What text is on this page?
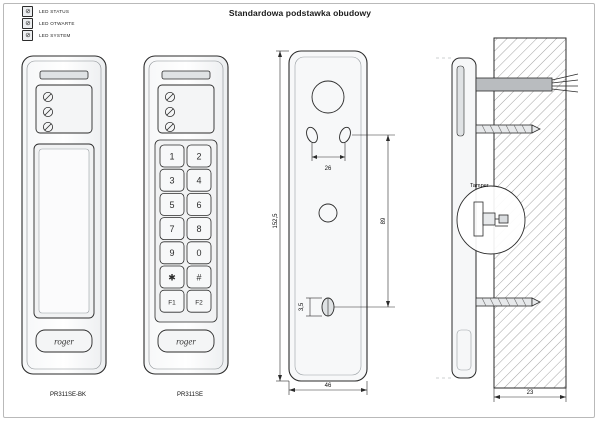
Standardowa podstawka obudowy
⊘ LED STATUS
⊘ LED OTWARTE
⊘ LED SYSTEM
roger
PR311SE-BK
1 2
3 4
5 6
7 8
9 0
✱ #
F1	F2
roger
PR311SE
26
152,5	89
3,5
46
23
Tamper
